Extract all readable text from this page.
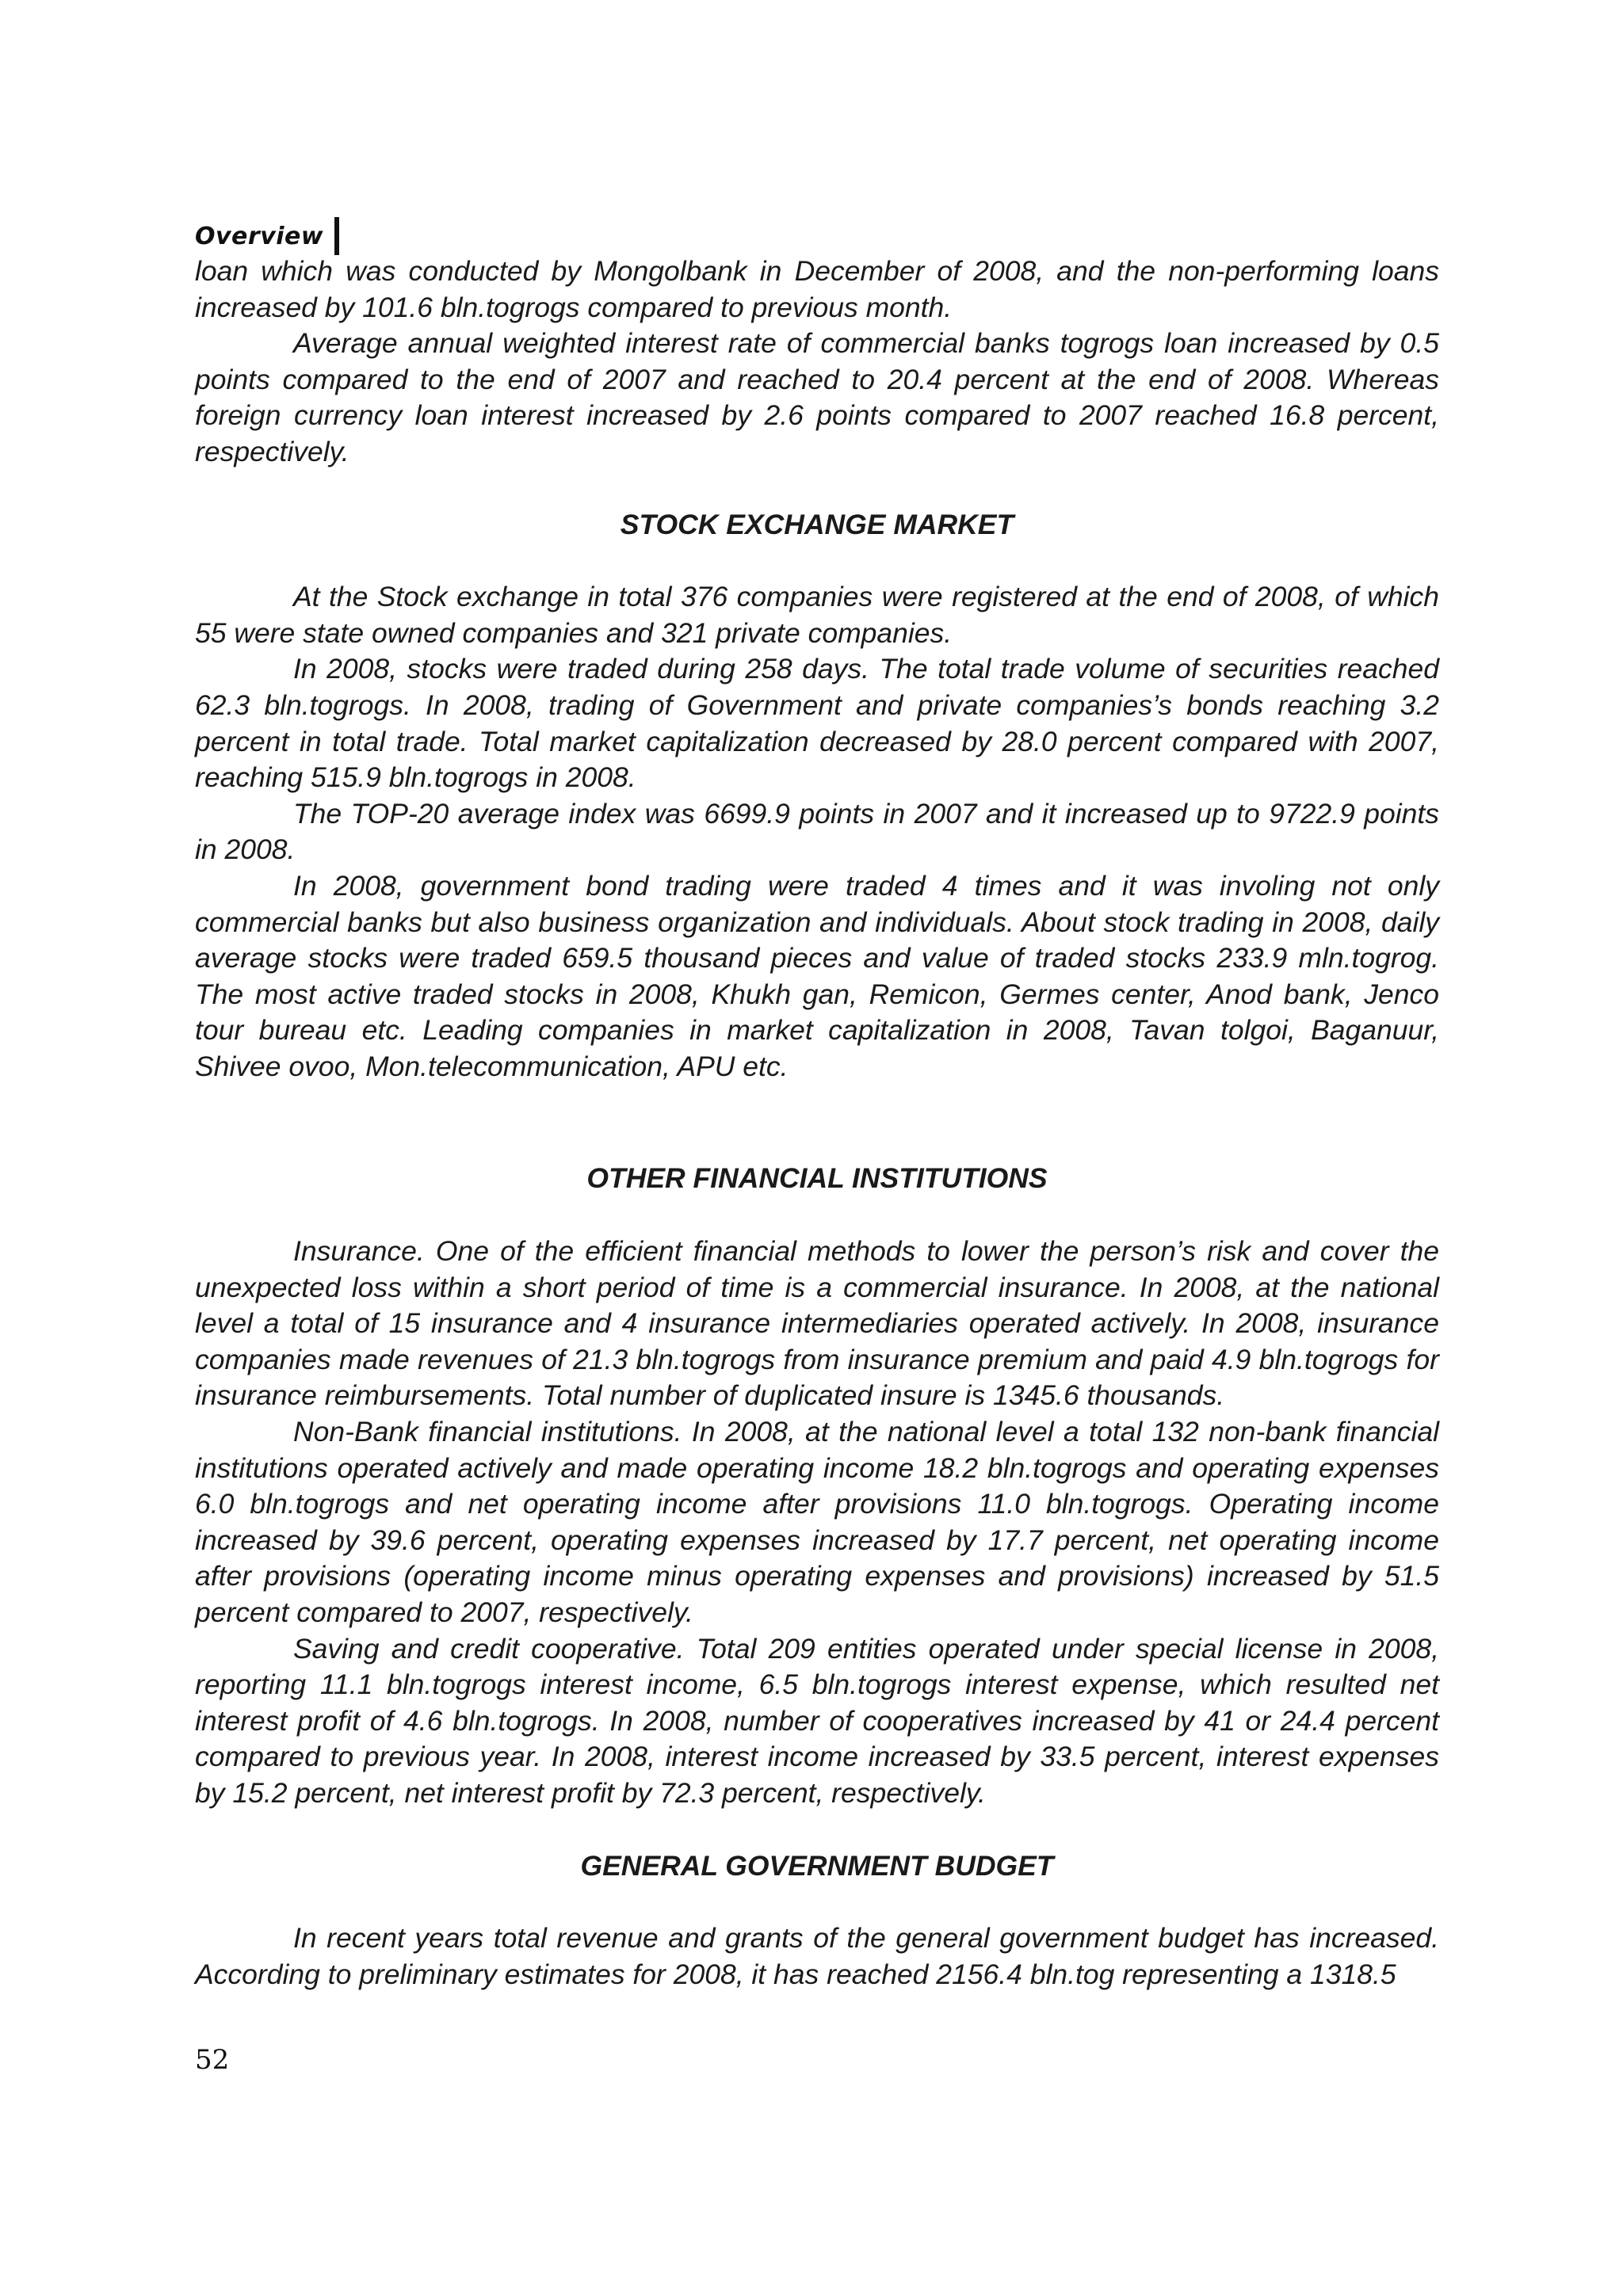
Overview

loan which was conducted by Mongolbank in December of 2008, and the non-performing loans increased by 101.6 bln.togrogs compared to previous month.

Average annual weighted interest rate of commercial banks togrogs loan increased by 0.5 points compared to the end of 2007 and reached to 20.4 percent at the end of 2008. Whereas foreign currency loan interest increased by 2.6 points compared to 2007 reached 16.8 percent, respectively.

STOCK EXCHANGE MARKET

At the Stock exchange in total 376 companies were registered at the end of 2008, of which 55 were state owned companies and 321 private companies.

In 2008, stocks were traded during 258 days. The total trade volume of securities reached 62.3 bln.togrogs. In 2008, trading of Government and private companies’s bonds reaching 3.2 percent in total trade. Total market capitalization decreased by 28.0 percent compared with 2007, reaching 515.9 bln.togrogs in 2008.

The TOP-20 average index was 6699.9 points in 2007 and it increased up to 9722.9 points in 2008.

In 2008, government bond trading were traded 4 times and it was involing not only commercial banks but also business organization and individuals. About stock trading in 2008, daily average stocks were traded 659.5 thousand pieces and value of traded stocks 233.9 mln.togrog. The most active traded stocks in 2008, Khukh gan, Remicon, Germes center, Anod bank, Jenco tour bureau etc. Leading companies in market capitalization in 2008, Tavan tolgoi, Baganuur, Shivee ovoo, Mon.telecommunication, APU etc.

OTHER FINANCIAL INSTITUTIONS

Insurance. One of the efficient financial methods to lower the person’s risk and cover the unexpected loss within a short period of time is a commercial insurance. In 2008, at the national level a total of 15 insurance and 4 insurance intermediaries operated actively. In 2008, insurance companies made revenues of 21.3 bln.togrogs from insurance premium and paid 4.9 bln.togrogs for insurance reimbursements. Total number of duplicated insure is 1345.6 thousands.

Non-Bank financial institutions. In 2008, at the national level a total 132 non-bank financial institutions operated actively and made operating income 18.2 bln.togrogs and operating expenses 6.0 bln.togrogs and net operating income after provisions 11.0 bln.togrogs. Operating income increased by 39.6 percent, operating expenses increased by 17.7 percent, net operating income after provisions (operating income minus operating expenses and provisions) increased by 51.5 percent compared to 2007, respectively.

Saving and credit cooperative. Total 209 entities operated under special license in 2008, reporting 11.1 bln.togrogs interest income, 6.5 bln.togrogs interest expense, which resulted net interest profit of 4.6 bln.togrogs. In 2008, number of cooperatives increased by 41 or 24.4 percent compared to previous year. In 2008, interest income increased by 33.5 percent, interest expenses by 15.2 percent, net interest profit by 72.3 percent, respectively.

GENERAL GOVERNMENT BUDGET

In recent years total revenue and grants of the general government budget has increased. According to preliminary estimates for 2008, it has reached 2156.4 bln.tog representing a 1318.5

52
